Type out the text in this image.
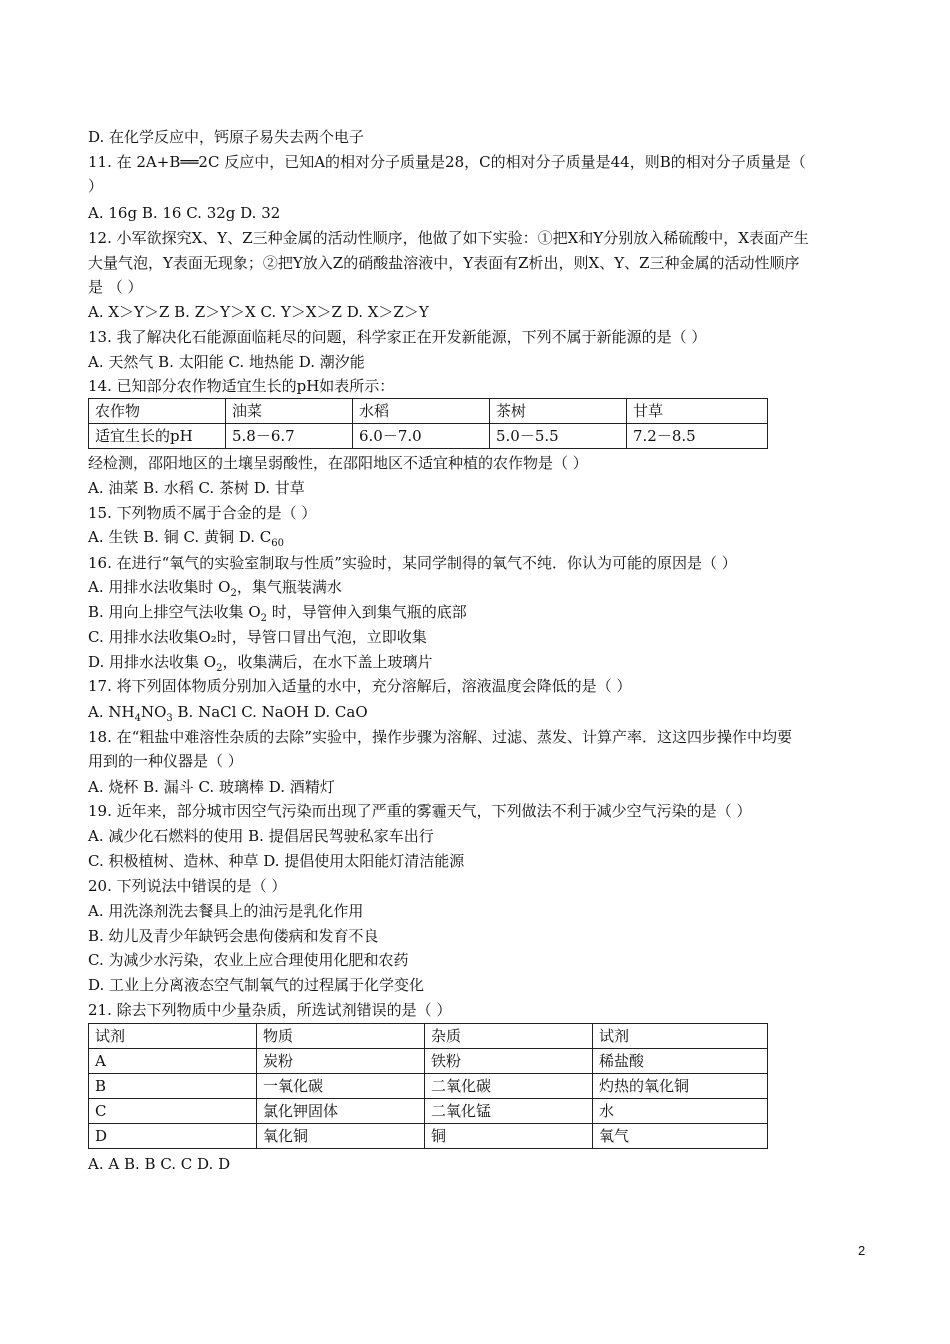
D. 在化学反应中，钙原子易失去两个电子
11. 在 2A+B══2C 反应中，已知A的相对分子质量是28，C的相对分子质量是44，则B的相对分子质量是（
）
A. 16g B. 16 C. 32g D. 32
12. 小军欲探究X、Y、Z三种金属的活动性顺序，他做了如下实验：①把X和Y分别放入稀硫酸中，X表面产生
大量气泡，Y表面无现象；②把Y放入Z的硝酸盐溶液中，Y表面有Z析出，则X、Y、Z三种金属的活动性顺序
是 （ ）
A. X＞Y＞Z B. Z＞Y＞X C. Y＞X＞Z D. X＞Z＞Y
13. 我了解决化石能源面临耗尽的问题，科学家正在开发新能源，下列不属于新能源的是（ ）
A. 天然气 B. 太阳能 C. 地热能 D. 潮汐能
14. 已知部分农作物适宜生长的pH如表所示：
农作物	油菜	水稻	茶树	甘草
适宜生长的pH	5.8－6.7	6.0－7.0	5.0－5.5	7.2－8.5
经检测，邵阳地区的土壤呈弱酸性，在邵阳地区不适宜种植的农作物是（ ）
A. 油菜 B. 水稻 C. 茶树 D. 甘草
15. 下列物质不属于合金的是（ ）
A. 生铁 B. 铜 C. 黄铜 D. $C_{60}$
16. 在进行“氧气的实验室制取与性质”实验时，某同学制得的氧气不纯．你认为可能的原因是（ ）
A. 用排水法收集时 $O_2$，集气瓶装满水
B. 用向上排空气法收集 $O_2$ 时，导管伸入到集气瓶的底部
C. 用排水法收集O₂时，导管口冒出气泡，立即收集
D. 用排水法收集 $O_2$，收集满后，在水下盖上玻璃片
17. 将下列固体物质分别加入适量的水中，充分溶解后，溶液温度会降低的是（ ）
A. $NH_4NO_3$ B. NaCl C. NaOH D. CaO
18. 在“粗盐中难溶性杂质的去除”实验中，操作步骤为溶解、过滤、蒸发、计算产率．这这四步操作中均要
用到的一种仪器是（ ）
A. 烧杯 B. 漏斗 C. 玻璃棒 D. 酒精灯
19. 近年来，部分城市因空气污染而出现了严重的雾霾天气，下列做法不利于减少空气污染的是（ ）
A. 减少化石燃料的使用 B. 提倡居民驾驶私家车出行
C. 积极植树、造林、种草 D. 提倡使用太阳能灯清洁能源
20. 下列说法中错误的是（ ）
A. 用洗涤剂洗去餐具上的油污是乳化作用
B. 幼儿及青少年缺钙会患佝偻病和发育不良
C. 为减少水污染，农业上应合理使用化肥和农药
D. 工业上分离液态空气制氧气的过程属于化学变化
21. 除去下列物质中少量杂质，所选试剂错误的是（ ）
试剂	物质	杂质	试剂
A	炭粉	铁粉	稀盐酸
B	一氧化碳	二氧化碳	灼热的氧化铜
C	氯化钾固体	二氧化锰	水
D	氧化铜	铜	氧气
A. A B. B C. C D. D
2
